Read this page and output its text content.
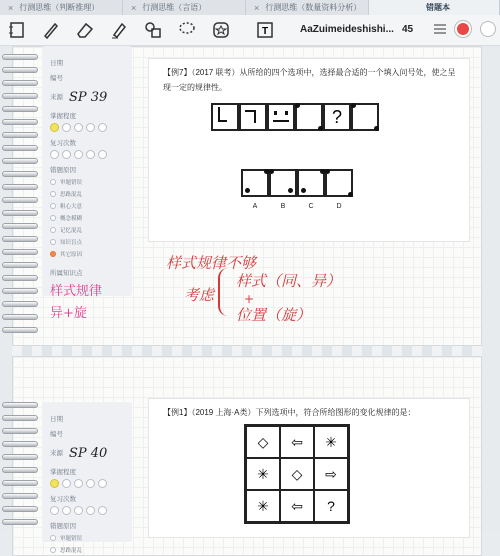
× 行测思维（判断推理）	× 行测思维（言语）	× 行测思维（数量资料分析）	错题本
T	AaZuimeideshishi... 45
日期
编号
来源 SP 39
掌握程度
复习次数
错题原因
审题错误
思路混乱
粗心大意
概念模糊
记忆混乱
知识盲点
其它原因
所属知识点
样式规律
异+旋
【例7】（2017 联考）从所给的四个选项中，选择最合适的一个填入问号处，使之呈现一定的规律性。
?
A	B	C	D
样式规律不够
考虑
样式（同、异）
+
位置（旋）
日期
编号
来源 SP 40
掌握程度
复习次数
错题原因
审题错误
思路混乱
【例1】（2019 上海·A类）下列选项中，符合所给图形的变化规律的是：
◇	⇦	✳
✳	◇	⇨
✳	⇦	?
